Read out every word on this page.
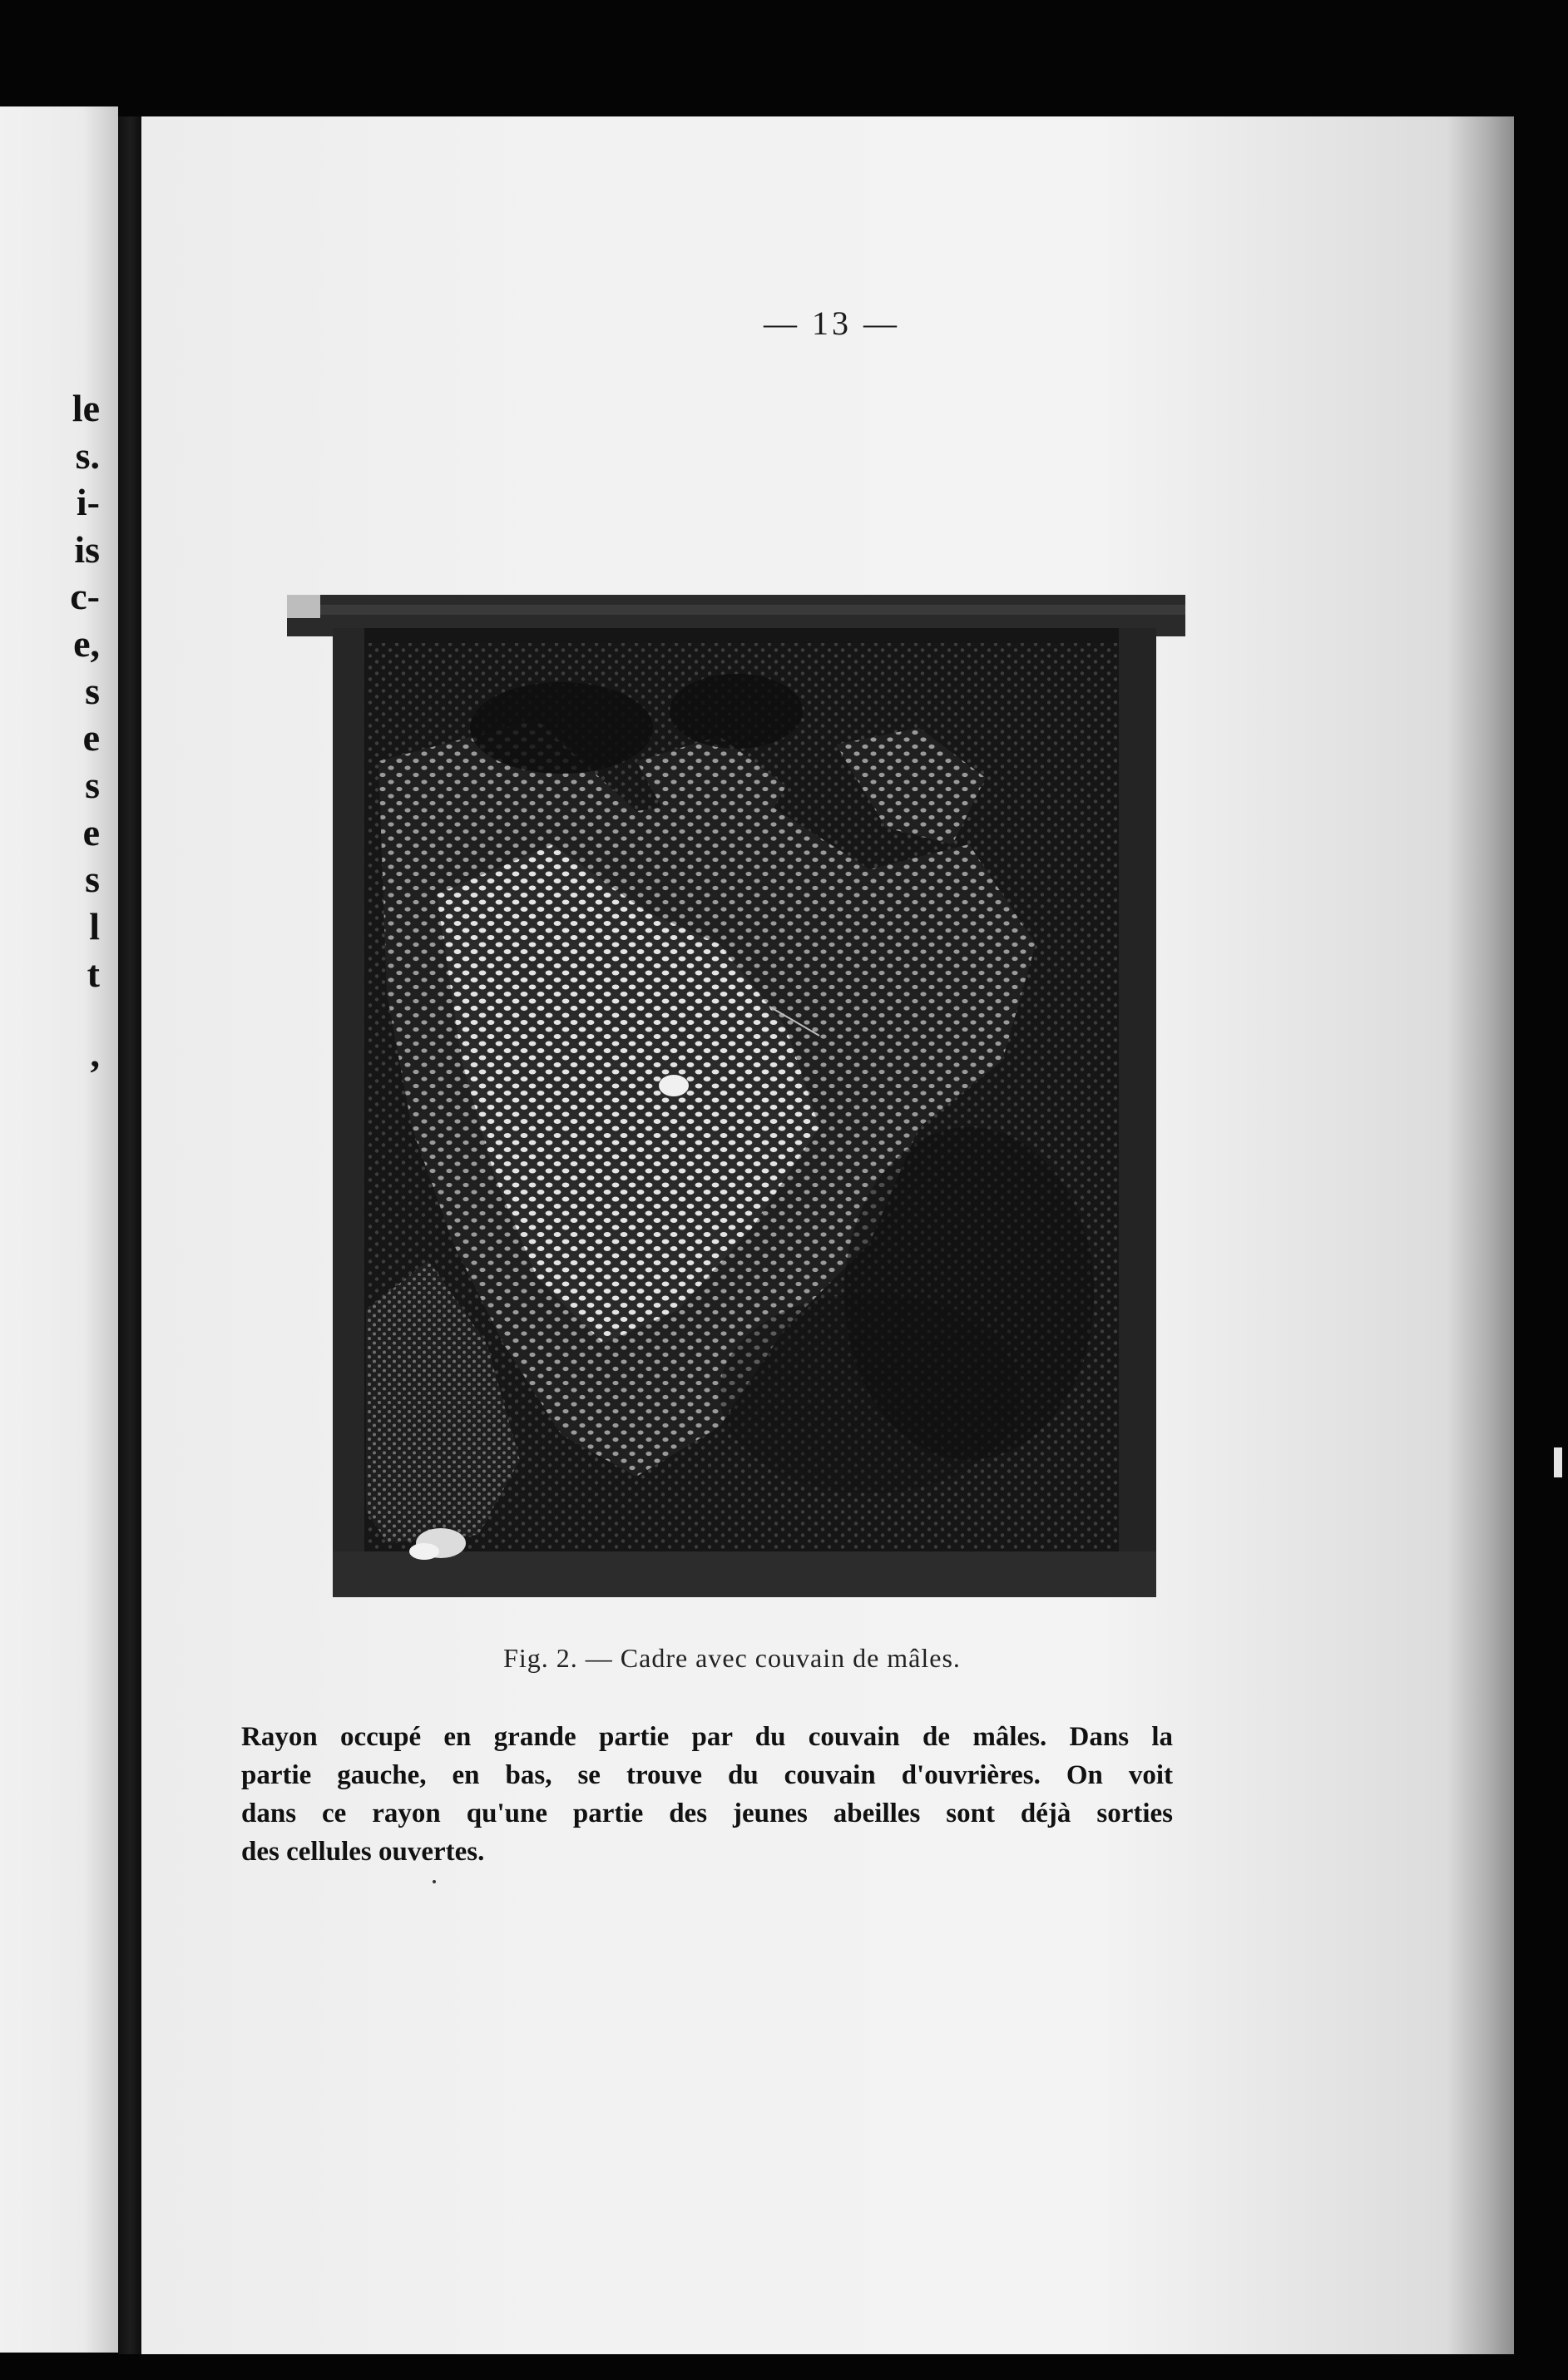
le
s.
i-
is
c-
e,
s
e
s
e
s
l
t
,
— 13 —
Fig. 2. — Cadre avec couvain de mâles.
Rayon occupé en grande partie par du couvain de mâles. Dans la
partie gauche, en bas, se trouve du couvain d'ouvrières. On voit
dans ce rayon qu'une partie des jeunes abeilles sont déjà sorties
des cellules ouvertes.
